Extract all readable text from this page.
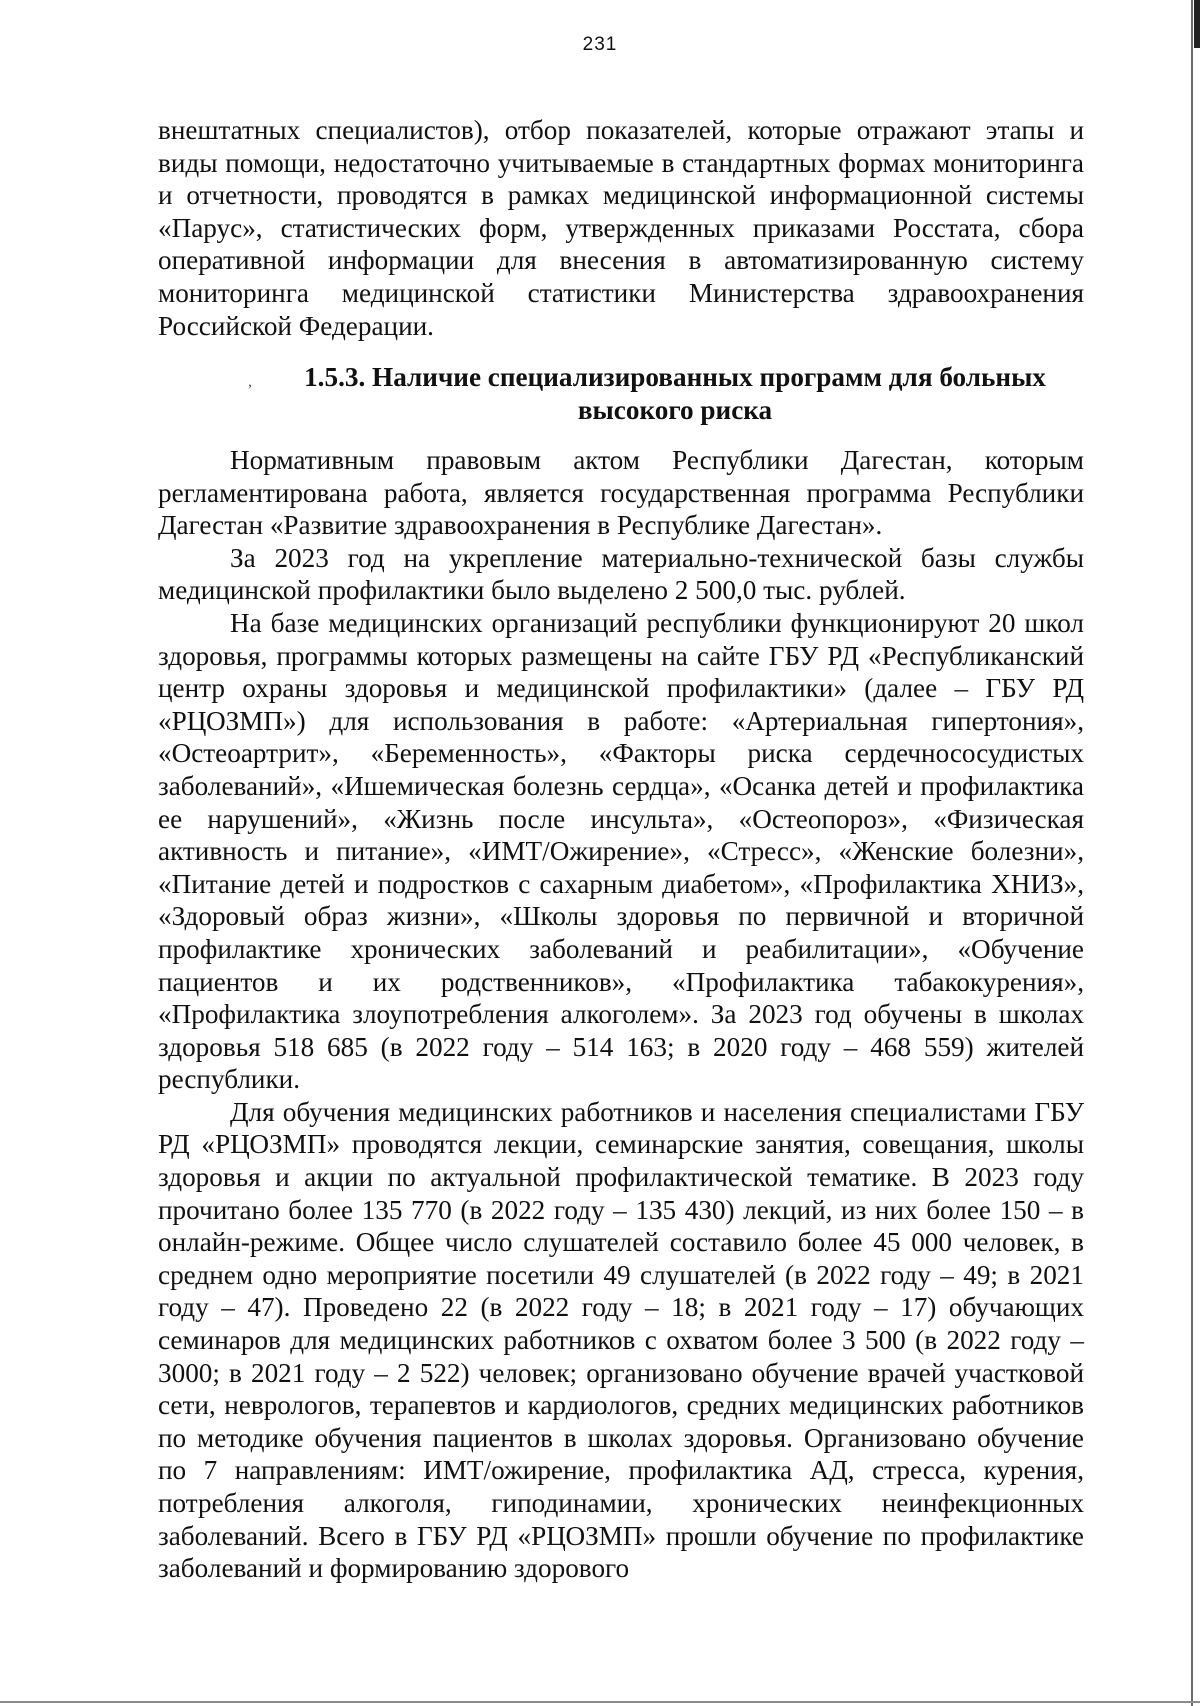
231

внештатных специалистов), отбор показателей, которые отражают этапы и виды помощи, недостаточно учитываемые в стандартных формах мониторинга и отчетности, проводятся в рамках медицинской информационной системы «Парус», статистических форм, утвержденных приказами Росстата, сбора оперативной информации для внесения в автоматизированную систему мониторинга медицинской статистики Министерства здравоохранения Российской Федерации.

,	1.5.3. Наличие специализированных программ для больных
высокого риска

Нормативным правовым актом Республики Дагестан, которым регламентирована работа, является государственная программа Республики Дагестан «Развитие здравоохранения в Республике Дагестан».

За 2023 год на укрепление материально-технической базы службы медицинской профилактики было выделено 2 500,0 тыс. рублей.

На базе медицинских организаций республики функционируют 20 школ здоровья, программы которых размещены на сайте ГБУ РД «Республиканский центр охраны здоровья и медицинской профилактики» (далее – ГБУ РД «РЦОЗМП») для использования в работе: «Артериальная гипертония», «Остеоартрит», «Беременность», «Факторы риска сердечнососудистых заболеваний», «Ишемическая болезнь сердца», «Осанка детей и профилактика ее нарушений», «Жизнь после инсульта», «Остеопороз», «Физическая активность и питание», «ИМТ/Ожирение», «Стресс», «Женские болезни», «Питание детей и подростков с сахарным диабетом», «Профилактика ХНИЗ», «Здоровый образ жизни», «Школы здоровья по первичной и вторичной профилактике хронических заболеваний и реабилитации», «Обучение пациентов и их родственников», «Профилактика табакокурения», «Профилактика злоупотребления алкоголем». За 2023 год обучены в школах здоровья 518 685 (в 2022 году – 514 163; в 2020 году – 468 559) жителей республики.

Для обучения медицинских работников и населения специалистами ГБУ РД «РЦОЗМП» проводятся лекции, семинарские занятия, совещания, школы здоровья и акции по актуальной профилактической тематике. В 2023 году прочитано более 135 770 (в 2022 году – 135 430) лекций, из них более 150 – в онлайн-режиме. Общее число слушателей составило более 45 000 человек, в среднем одно мероприятие посетили 49 слушателей (в 2022 году – 49; в 2021 году – 47). Проведено 22 (в 2022 году – 18; в 2021 году – 17) обучающих семинаров для медицинских работников с охватом более 3 500 (в 2022 году – 3000; в 2021 году – 2 522) человек; организовано обучение врачей участковой сети, неврологов, терапевтов и кардиологов, средних медицинских работников по методике обучения пациентов в школах здоровья. Организовано обучение по 7 направлениям: ИМТ/ожирение, профилактика АД, стресса, курения, потребления алкоголя, гиподинамии, хронических неинфекционных заболеваний. Всего в ГБУ РД «РЦОЗМП» прошли обучение по профилактике заболеваний и формированию здорового
